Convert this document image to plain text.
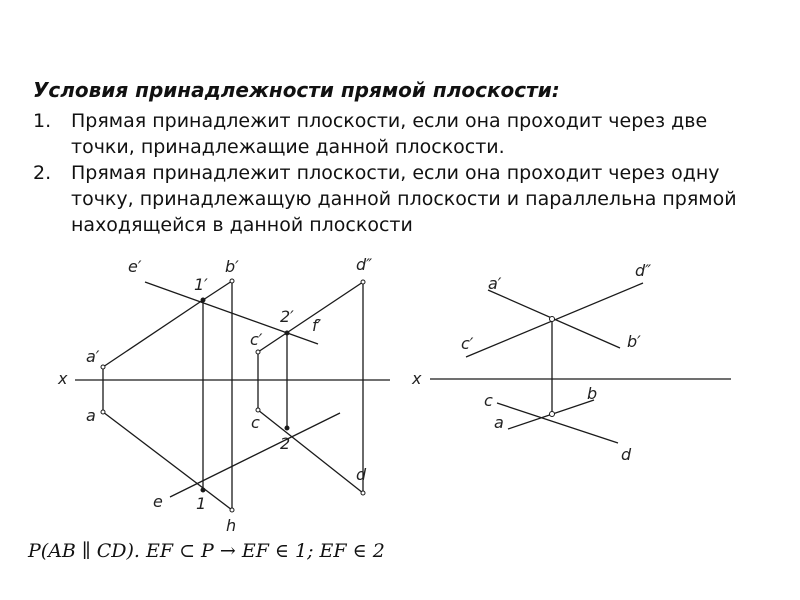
Условия принадлежности прямой плоскости:
1.	Прямая принадлежит плоскости, если она проходит через две точки, принадлежащие данной плоскости.
2.	Прямая принадлежит плоскости, если она проходит через одну точку, принадлежащую данной плоскости и параллельна прямой находящейся в данной плоскости
e′	b′
1′
d″
2′ f′
c′
a′
x
a	c
2
d
e 1
h
a′
d″
c′	b′
x
c	b
a
d
P(AB ∥ CD). EF ⊂ P → EF ∈ 1; EF ∈ 2
